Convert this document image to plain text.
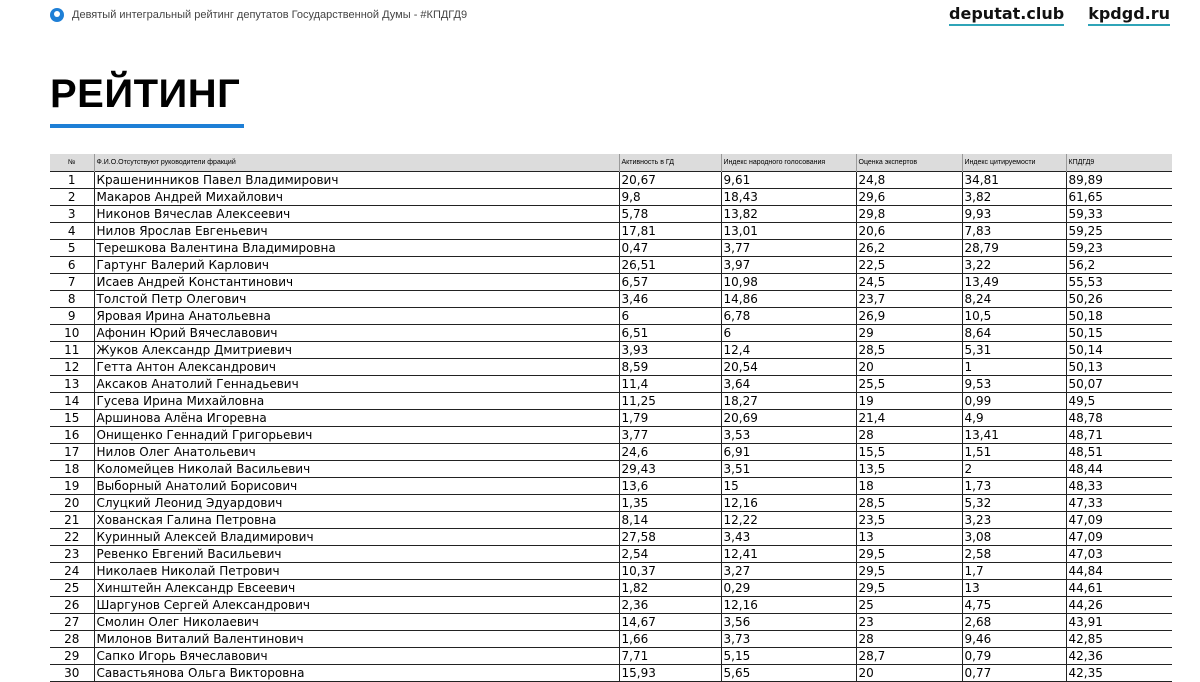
Девятый интегральный рейтинг депутатов Государственной Думы - #КПДГД9	deputat.club kpdgd.ru
РЕЙТИНГ
№	Ф.И.О.Отсутствуют руководители фракций	Активность в ГД	Индекс народного голосования	Оценка экспертов	Индекс цитируемости	КПДГД9
1	Крашенинников Павел Владимирович	20,67	9,61	24,8	34,81	89,89
2	Макаров Андрей Михайлович	9,8	18,43	29,6	3,82	61,65
3	Никонов Вячеслав Алексеевич	5,78	13,82	29,8	9,93	59,33
4	Нилов Ярослав Евгеньевич	17,81	13,01	20,6	7,83	59,25
5	Терешкова Валентина Владимировна	0,47	3,77	26,2	28,79	59,23
6	Гартунг Валерий Карлович	26,51	3,97	22,5	3,22	56,2
7	Исаев Андрей Константинович	6,57	10,98	24,5	13,49	55,53
8	Толстой Петр Олегович	3,46	14,86	23,7	8,24	50,26
9	Яровая Ирина Анатольевна	6	6,78	26,9	10,5	50,18
10	Афонин Юрий Вячеславович	6,51	6	29	8,64	50,15
11	Жуков Александр Дмитриевич	3,93	12,4	28,5	5,31	50,14
12	Гетта Антон Александрович	8,59	20,54	20	1	50,13
13	Аксаков Анатолий Геннадьевич	11,4	3,64	25,5	9,53	50,07
14	Гусева Ирина Михайловна	11,25	18,27	19	0,99	49,5
15	Аршинова Алёна Игоревна	1,79	20,69	21,4	4,9	48,78
16	Онищенко Геннадий Григорьевич	3,77	3,53	28	13,41	48,71
17	Нилов Олег Анатольевич	24,6	6,91	15,5	1,51	48,51
18	Коломейцев Николай Васильевич	29,43	3,51	13,5	2	48,44
19	Выборный Анатолий Борисович	13,6	15	18	1,73	48,33
20	Слуцкий Леонид Эдуардович	1,35	12,16	28,5	5,32	47,33
21	Хованская Галина Петровна	8,14	12,22	23,5	3,23	47,09
22	Куринный Алексей Владимирович	27,58	3,43	13	3,08	47,09
23	Ревенко Евгений Васильевич	2,54	12,41	29,5	2,58	47,03
24	Николаев Николай Петрович	10,37	3,27	29,5	1,7	44,84
25	Хинштейн Александр Евсеевич	1,82	0,29	29,5	13	44,61
26	Шаргунов Сергей Александрович	2,36	12,16	25	4,75	44,26
27	Смолин Олег Николаевич	14,67	3,56	23	2,68	43,91
28	Милонов Виталий Валентинович	1,66	3,73	28	9,46	42,85
29	Сапко Игорь Вячеславович	7,71	5,15	28,7	0,79	42,36
30	Савастьянова Ольга Викторовна	15,93	5,65	20	0,77	42,35
